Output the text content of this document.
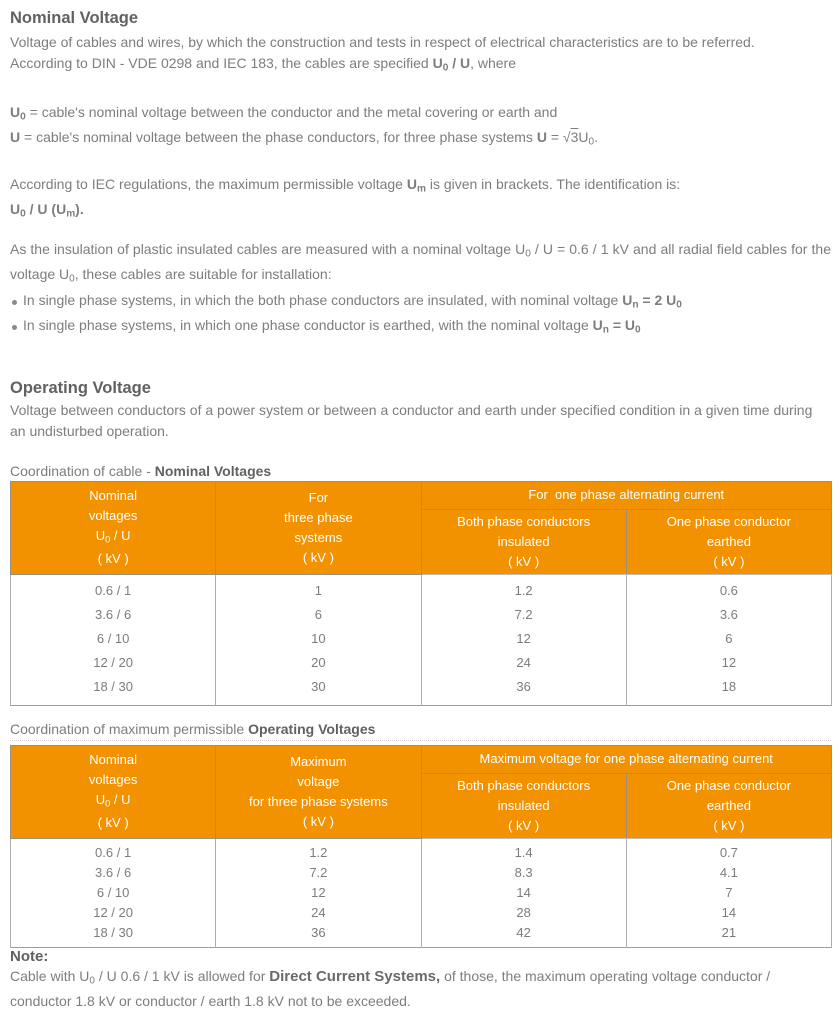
Nominal Voltage

Voltage of cables and wires, by which the construction and tests in respect of electrical characteristics are to be referred.

According to DIN - VDE 0298 and IEC 183, the cables are specified $U_0$ / U, where

$U_0$ = cable's nominal voltage between the conductor and the metal covering or earth and

U = cable's nominal voltage between the phase conductors, for three phase systems $U = √3U_0$.

According to IEC regulations, the maximum permissible voltage $U_m$ is given in brackets. The identification is:

$U_0$ / U $(U_m)$.

As the insulation of plastic insulated cables are measured with a nominal voltage $U_0 / U = 0.6 / 1$ kV and all radial field cables for the voltage $U_0$, these cables are suitable for installation:

In single phase systems, in which the both phase conductors are insulated, with nominal voltage $U_n = 2$ $U_0$
In single phase systems, in which one phase conductor is earthed, with the nominal voltage $U_n = U_0$
Operating Voltage

Voltage between conductors of a power system or between a conductor and earth under specified condition in a given time during an undisturbed operation.

Coordination of cable - Nominal Voltages
Nominal
voltages
$U_0$ / U
( kV )

For
three phase
systems
( kV )
	For  one phase alternating current

Both phase conductors
insulated
( kV )

One phase conductor
earthed
( kV )

0.6 / 1	1	1.2	0.6
3.6 / 6	6	7.2	3.6
6 / 10	10	12	6
12 / 20	20	24	12
18 / 30	30	36	18
Coordination of maximum permissible Operating Voltages
Nominal
voltages
$U_0$ / U
( kV )

Maximum
voltage
for three phase systems
( kV )
	Maximum voltage for one phase alternating current

Both phase conductors
insulated
( kV )

One phase conductor
earthed
( kV )

0.6 / 1	1.2	1.4	0.7
3.6 / 6	7.2	8.3	4.1
6 / 10	12	14	7
12 / 20	24	28	14
18 / 30	36	42	21

Note:

Cable with $U_0$ / U 0.6 / 1 kV is allowed for Direct Current Systems, of those, the maximum operating voltage conductor / conductor 1.8 kV or conductor / earth 1.8 kV not to be exceeded.
